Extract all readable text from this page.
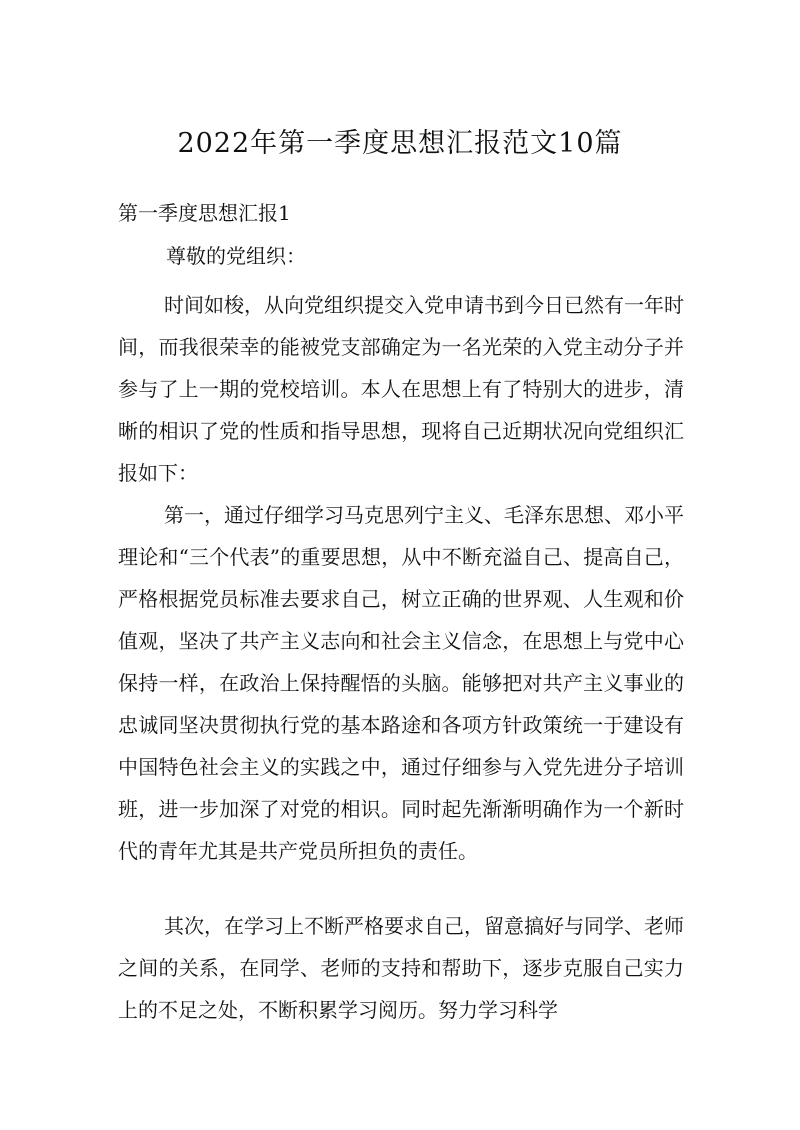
2022年第一季度思想汇报范文10篇
第一季度思想汇报1
尊敬的党组织：

时间如梭，从向党组织提交入党申请书到今日已然有一年时间，而我很荣幸的能被党支部确定为一名光荣的入党主动分子并参与了上一期的党校培训。本人在思想上有了特别大的进步，清晰的相识了党的性质和指导思想，现将自己近期状况向党组织汇报如下：

第一，通过仔细学习马克思列宁主义、毛泽东思想、邓小平理论和“三个代表”的重要思想，从中不断充溢自己、提高自己，严格根据党员标准去要求自己，树立正确的世界观、人生观和价值观，坚决了共产主义志向和社会主义信念，在思想上与党中心保持一样，在政治上保持醒悟的头脑。能够把对共产主义事业的忠诚同坚决贯彻执行党的基本路途和各项方针政策统一于建设有中国特色社会主义的实践之中，通过仔细参与入党先进分子培训班，进一步加深了对党的相识。同时起先渐渐明确作为一个新时代的青年尤其是共产党员所担负的责任。

其次，在学习上不断严格要求自己，留意搞好与同学、老师之间的关系，在同学、老师的支持和帮助下，逐步克服自己实力上的不足之处，不断积累学习阅历。努力学习科学
